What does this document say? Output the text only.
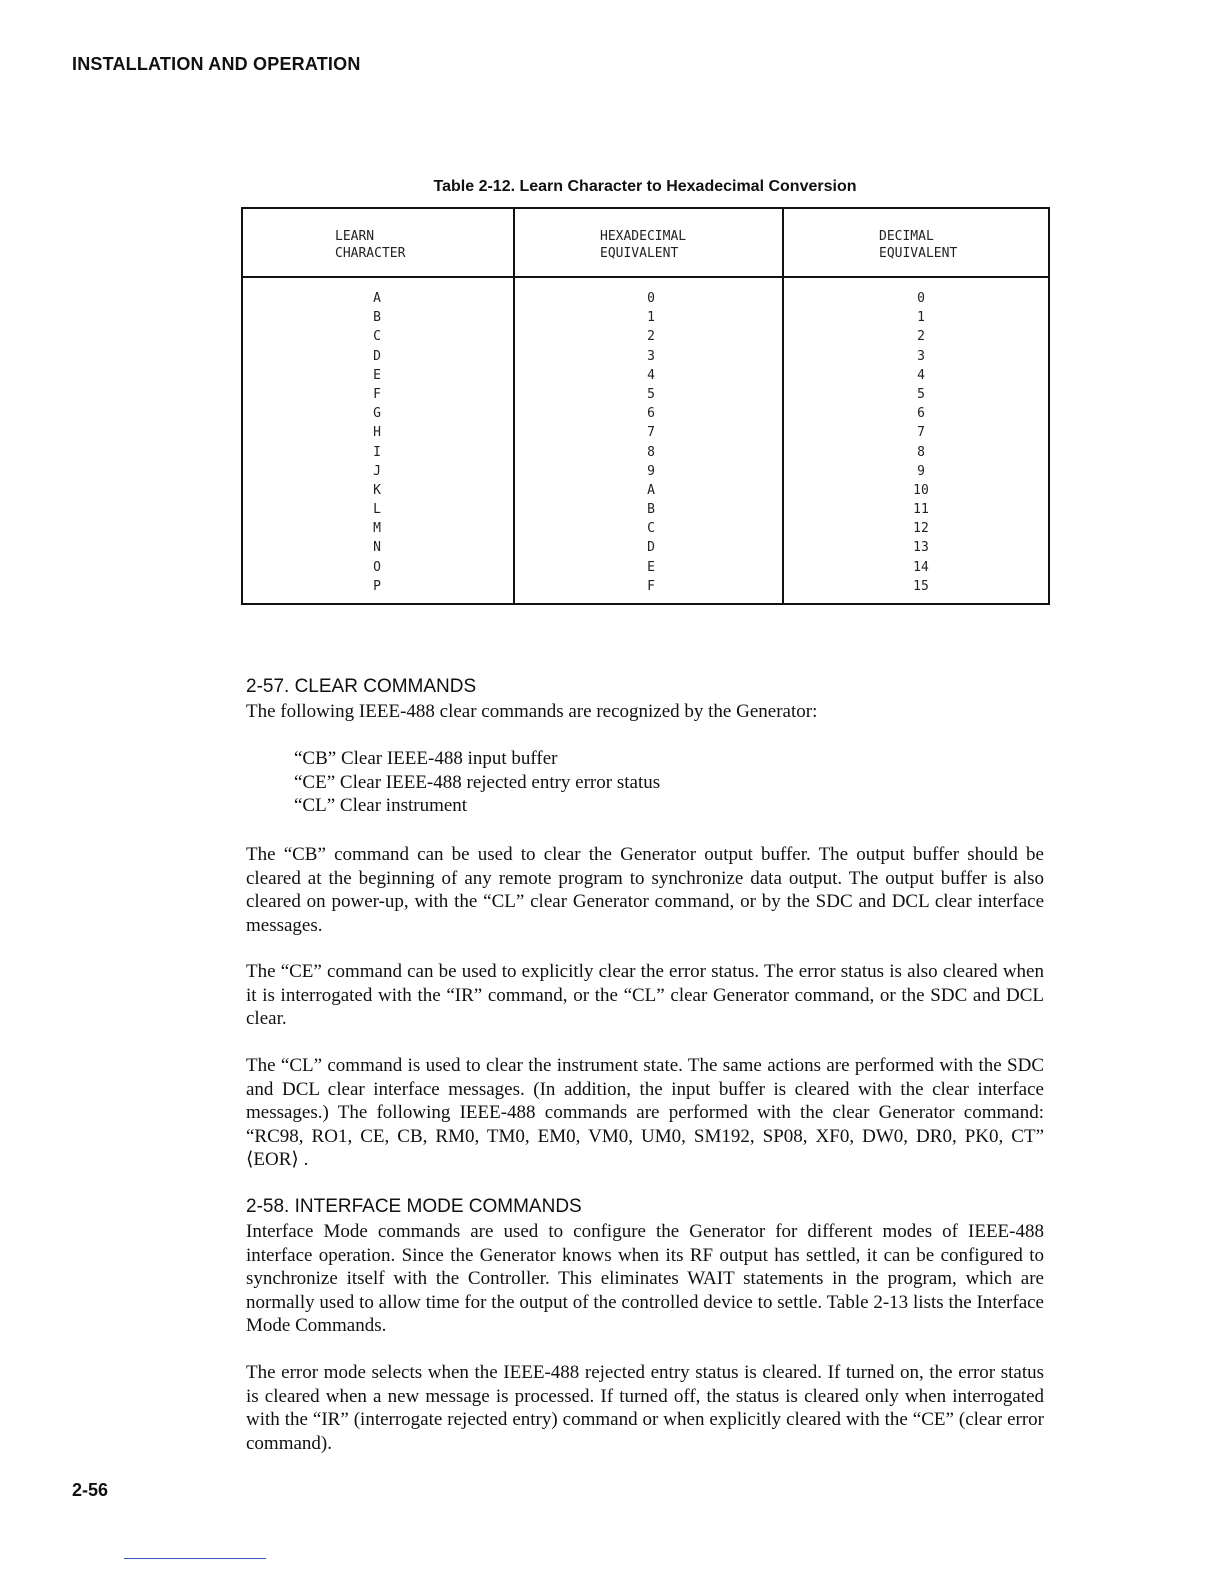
INSTALLATION AND OPERATION
Table 2-12. Learn Character to Hexadecimal Conversion
LEARN
CHARACTER
HEXADECIMAL
EQUIVALENT
DECIMAL
EQUIVALENT
A
B
C
D
E
F
G
H
I
J
K
L
M
N
O
P
0
1
2
3
4
5
6
7
8
9
A
B
C
D
E
F
0
1
2
3
4
5
6
7
8
9
10
11
12
13
14
15
2-57. CLEAR COMMANDS
The following IEEE-488 clear commands are recognized by the Generator:
“CB” Clear IEEE-488 input buffer
“CE” Clear IEEE-488 rejected entry error status
“CL” Clear instrument
The “CB” command can be used to clear the Generator output buffer. The output buffer should be cleared at the beginning of any remote program to synchronize data output. The output buffer is also cleared on power-up, with the “CL” clear Generator command, or by the SDC and DCL clear interface messages.
The “CE” command can be used to explicitly clear the error status. The error status is also cleared when it is interrogated with the “IR” command, or the “CL” clear Generator command, or the SDC and DCL clear.
The “CL” command is used to clear the instrument state. The same actions are performed with the SDC and DCL clear interface messages. (In addition, the input buffer is cleared with the clear interface messages.) The following IEEE-488 commands are performed with the clear Generator command: “RC98, RO1, CE, CB, RM0, TM0, EM0, VM0, UM0, SM192, SP08, XF0, DW0, DR0, PK0, CT” ⟨EOR⟩ .
2-58. INTERFACE MODE COMMANDS
Interface Mode commands are used to configure the Generator for different modes of IEEE-488 interface operation. Since the Generator knows when its RF output has settled, it can be configured to synchronize itself with the Controller. This eliminates WAIT statements in the program, which are normally used to allow time for the output of the controlled device to settle. Table 2-13 lists the Interface Mode Commands.
The error mode selects when the IEEE-488 rejected entry status is cleared. If turned on, the error status is cleared when a new message is processed. If turned off, the status is cleared only when interrogated with the “IR” (interrogate rejected entry) command or when explicitly cleared with the “CE” (clear error command).
2-56
